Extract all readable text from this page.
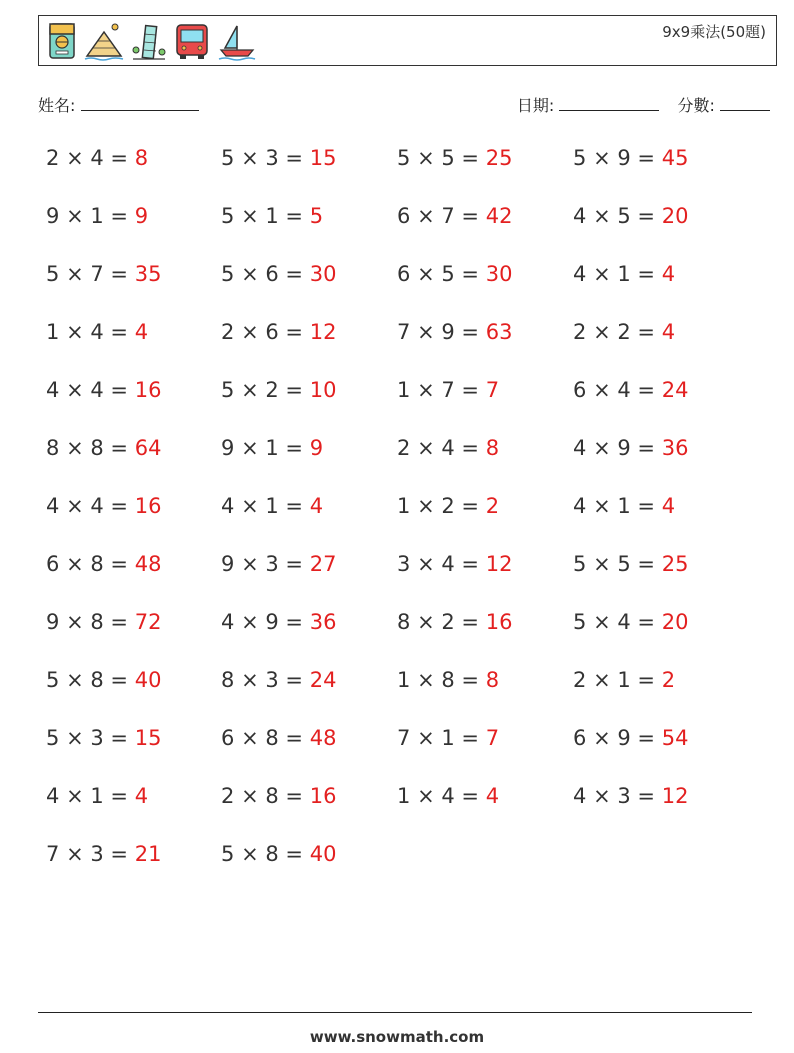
9x9乘法(50題)
姓名:	日期:	分數:
2 × 4 = 8	5 × 3 = 15	5 × 5 = 25	5 × 9 = 45
9 × 1 = 9	5 × 1 = 5	6 × 7 = 42	4 × 5 = 20
5 × 7 = 35	5 × 6 = 30	6 × 5 = 30	4 × 1 = 4
1 × 4 = 4	2 × 6 = 12	7 × 9 = 63	2 × 2 = 4
4 × 4 = 16	5 × 2 = 10	1 × 7 = 7	6 × 4 = 24
8 × 8 = 64	9 × 1 = 9	2 × 4 = 8	4 × 9 = 36
4 × 4 = 16	4 × 1 = 4	1 × 2 = 2	4 × 1 = 4
6 × 8 = 48	9 × 3 = 27	3 × 4 = 12	5 × 5 = 25
9 × 8 = 72	4 × 9 = 36	8 × 2 = 16	5 × 4 = 20
5 × 8 = 40	8 × 3 = 24	1 × 8 = 8	2 × 1 = 2
5 × 3 = 15	6 × 8 = 48	7 × 1 = 7	6 × 9 = 54
4 × 1 = 4	2 × 8 = 16	1 × 4 = 4	4 × 3 = 12
7 × 3 = 21	5 × 8 = 40
www.snowmath.com
